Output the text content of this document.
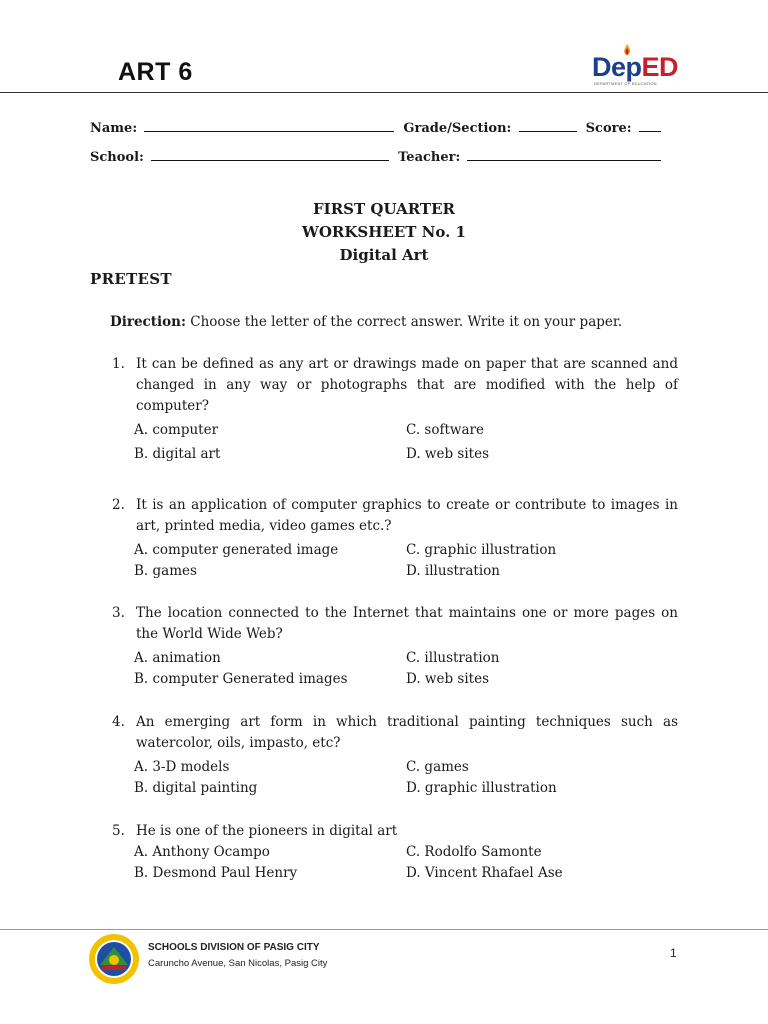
ART 6	DepED
DEPARTMENT OF EDUCATION
Name:	Grade/Section:	Score:
School:	Teacher:
FIRST QUARTER
WORKSHEET No. 1
Digital Art
PRETEST
Direction: Choose the letter of the correct answer. Write it on your paper.
1. It can be defined as any art or drawings made on paper that are scanned and changed in any way or photographs that are modified with the help of computer?
A. computer	C. software
B. digital art	D. web sites
2. It is an application of computer graphics to create or contribute to images in art, printed media, video games etc.?
A. computer generated image	C. graphic illustration
B. games	D. illustration
3. The location connected to the Internet that maintains one or more pages on the World Wide Web?
A. animation	C. illustration
B. computer Generated images	D. web sites
4. An emerging art form in which traditional painting techniques such as watercolor, oils, impasto, etc?
A. 3-D models	C. games
B. digital painting	D. graphic illustration
5. He is one of the pioneers in digital art
A. Anthony Ocampo	C. Rodolfo Samonte
B. Desmond Paul Henry	D. Vincent Rhafael Ase
SCHOOLS DIVISION OF PASIG CITY
Caruncho Avenue, San Nicolas, Pasig City
1
